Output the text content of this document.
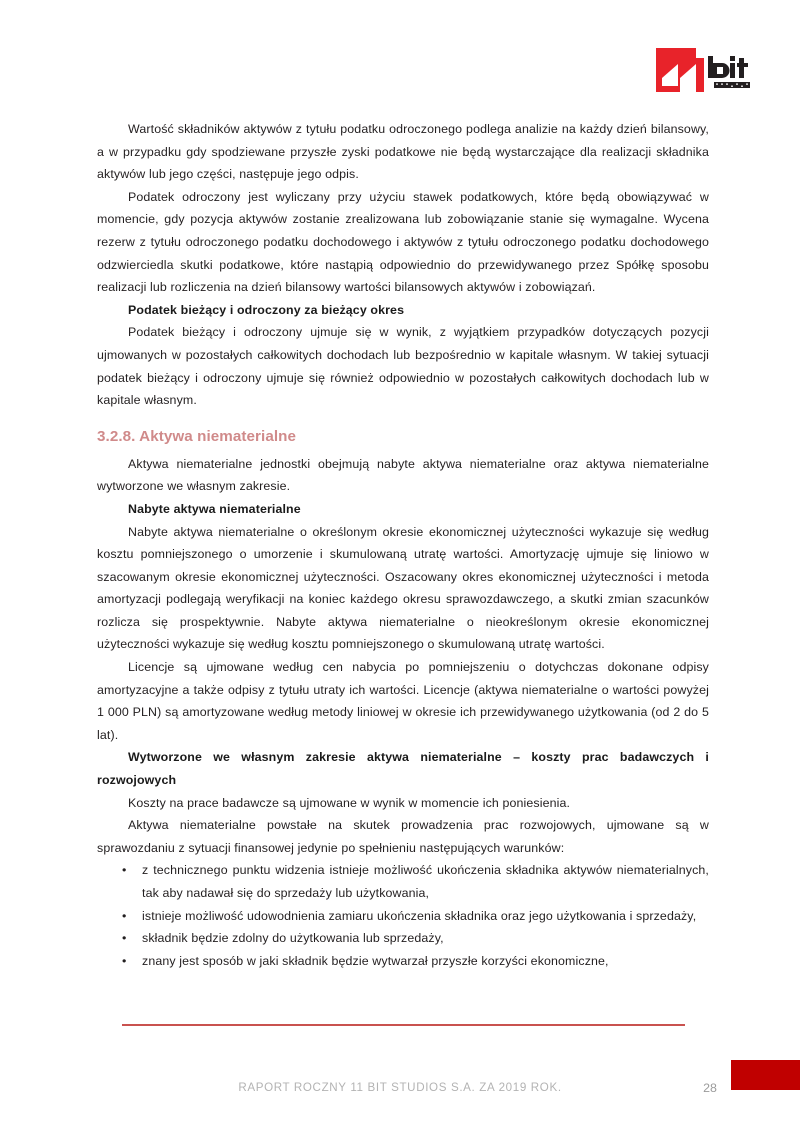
Wartość składników aktywów z tytułu podatku odroczonego podlega analizie na każdy dzień bilansowy, a w przypadku gdy spodziewane przyszłe zyski podatkowe nie będą wystarczające dla realizacji składnika aktywów lub jego części, następuje jego odpis.

Podatek odroczony jest wyliczany przy użyciu stawek podatkowych, które będą obowiązywać w momencie, gdy pozycja aktywów zostanie zrealizowana lub zobowiązanie stanie się wymagalne. Wycena rezerw z tytułu odroczonego podatku dochodowego i aktywów z tytułu odroczonego podatku dochodowego odzwierciedla skutki podatkowe, które nastąpią odpowiednio do przewidywanego przez Spółkę sposobu realizacji lub rozliczenia na dzień bilansowy wartości bilansowych aktywów i zobowiązań.

Podatek bieżący i odroczony za bieżący okres

Podatek bieżący i odroczony ujmuje się w wynik, z wyjątkiem przypadków dotyczących pozycji ujmowanych w pozostałych całkowitych dochodach lub bezpośrednio w kapitale własnym. W takiej sytuacji podatek bieżący i odroczony ujmuje się również odpowiednio w pozostałych całkowitych dochodach lub w kapitale własnym.

3.2.8. Aktywa niematerialne

Aktywa niematerialne jednostki obejmują nabyte aktywa niematerialne oraz aktywa niematerialne wytworzone we własnym zakresie.

Nabyte aktywa niematerialne

Nabyte aktywa niematerialne o określonym okresie ekonomicznej użyteczności wykazuje się według kosztu pomniejszonego o umorzenie i skumulowaną utratę wartości. Amortyzację ujmuje się liniowo w szacowanym okresie ekonomicznej użyteczności. Oszacowany okres ekonomicznej użyteczności i metoda amortyzacji podlegają weryfikacji na koniec każdego okresu sprawozdawczego, a skutki zmian szacunków rozlicza się prospektywnie. Nabyte aktywa niematerialne o nieokreślonym okresie ekonomicznej użyteczności wykazuje się według kosztu pomniejszonego o skumulowaną utratę wartości.

Licencje są ujmowane według cen nabycia po pomniejszeniu o dotychczas dokonane odpisy amortyzacyjne a także odpisy z tytułu utraty ich wartości. Licencje (aktywa niematerialne o wartości powyżej 1 000 PLN) są amortyzowane według metody liniowej w okresie ich przewidywanego użytkowania (od 2 do 5 lat).

Wytworzone we własnym zakresie aktywa niematerialne – koszty prac badawczych i rozwojowych

Koszty na prace badawcze są ujmowane w wynik w momencie ich poniesienia.

Aktywa niematerialne powstałe na skutek prowadzenia prac rozwojowych, ujmowane są w sprawozdaniu z sytuacji finansowej jedynie po spełnieniu następujących warunków:

• z technicznego punktu widzenia istnieje możliwość ukończenia składnika aktywów niematerialnych, tak aby nadawał się do sprzedaży lub użytkowania,
• istnieje możliwość udowodnienia zamiaru ukończenia składnika oraz jego użytkowania i sprzedaży,
• składnik będzie zdolny do użytkowania lub sprzedaży,
• znany jest sposób w jaki składnik będzie wytwarzał przyszłe korzyści ekonomiczne,
RAPORT ROCZNY 11 BIT STUDIOS S.A. ZA 2019 ROK.	28
